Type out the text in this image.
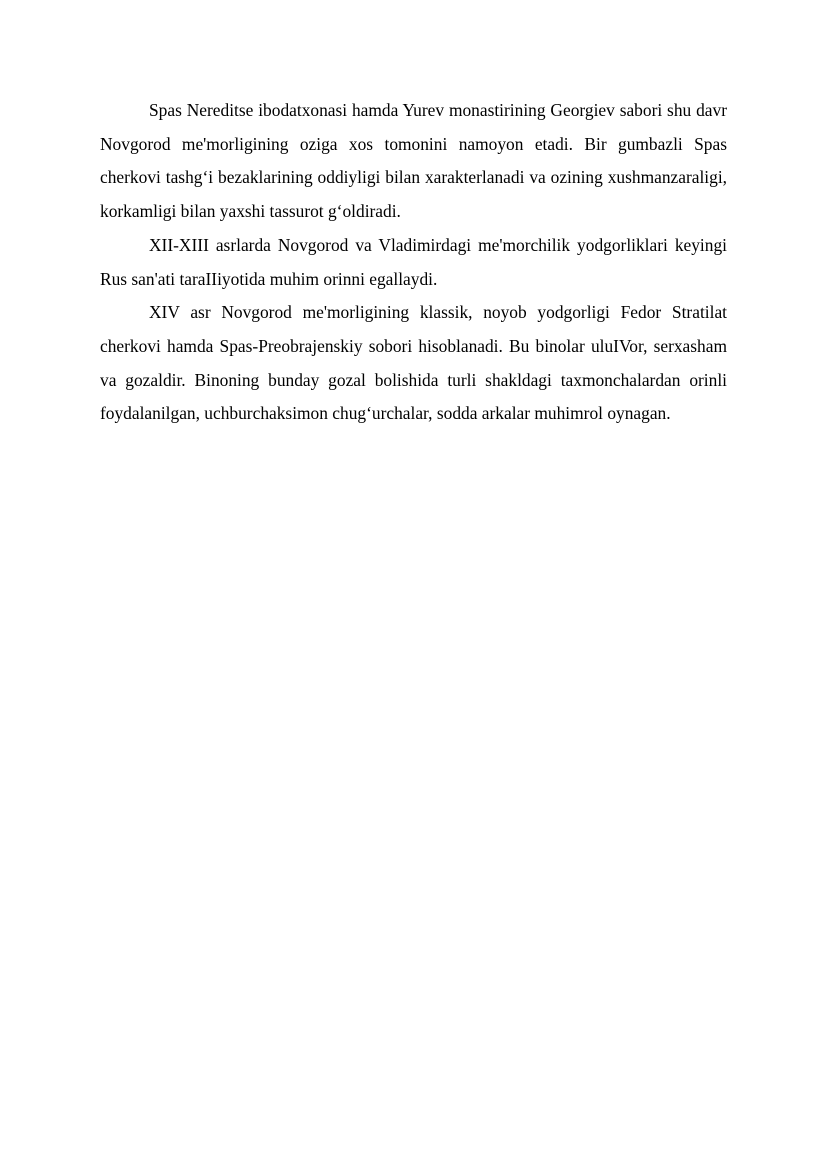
Spas Nereditse ibodatxonasi hamda Yurev monastirining Georgiev sabori shu davr Novgorod me'morligining oziga xos tomonini namoyon etadi. Bir gumbazli Spas cherkovi tashg‘i bezaklarining oddiyligi bilan xarakterlanadi va ozining xushmanzaraligi, korkamligi bilan yaxshi tassurot g‘oldiradi.

XII-XIII asrlarda Novgorod va Vladimirdagi me'morchilik yodgorliklari keyingi Rus san'ati taraIIiyotida muhim orinni egallaydi.

XIV asr Novgorod me'morligining klassik, noyob yodgorligi Fedor Stratilat cherkovi hamda Spas-Preobrajenskiy sobori hisoblanadi. Bu binolar uluIVor, serxasham va gozaldir. Binoning bunday gozal bolishida turli shakldagi taxmonchalardan orinli foydalanilgan, uchburchaksimon chug‘urchalar, sodda arkalar muhimrol oynagan.
